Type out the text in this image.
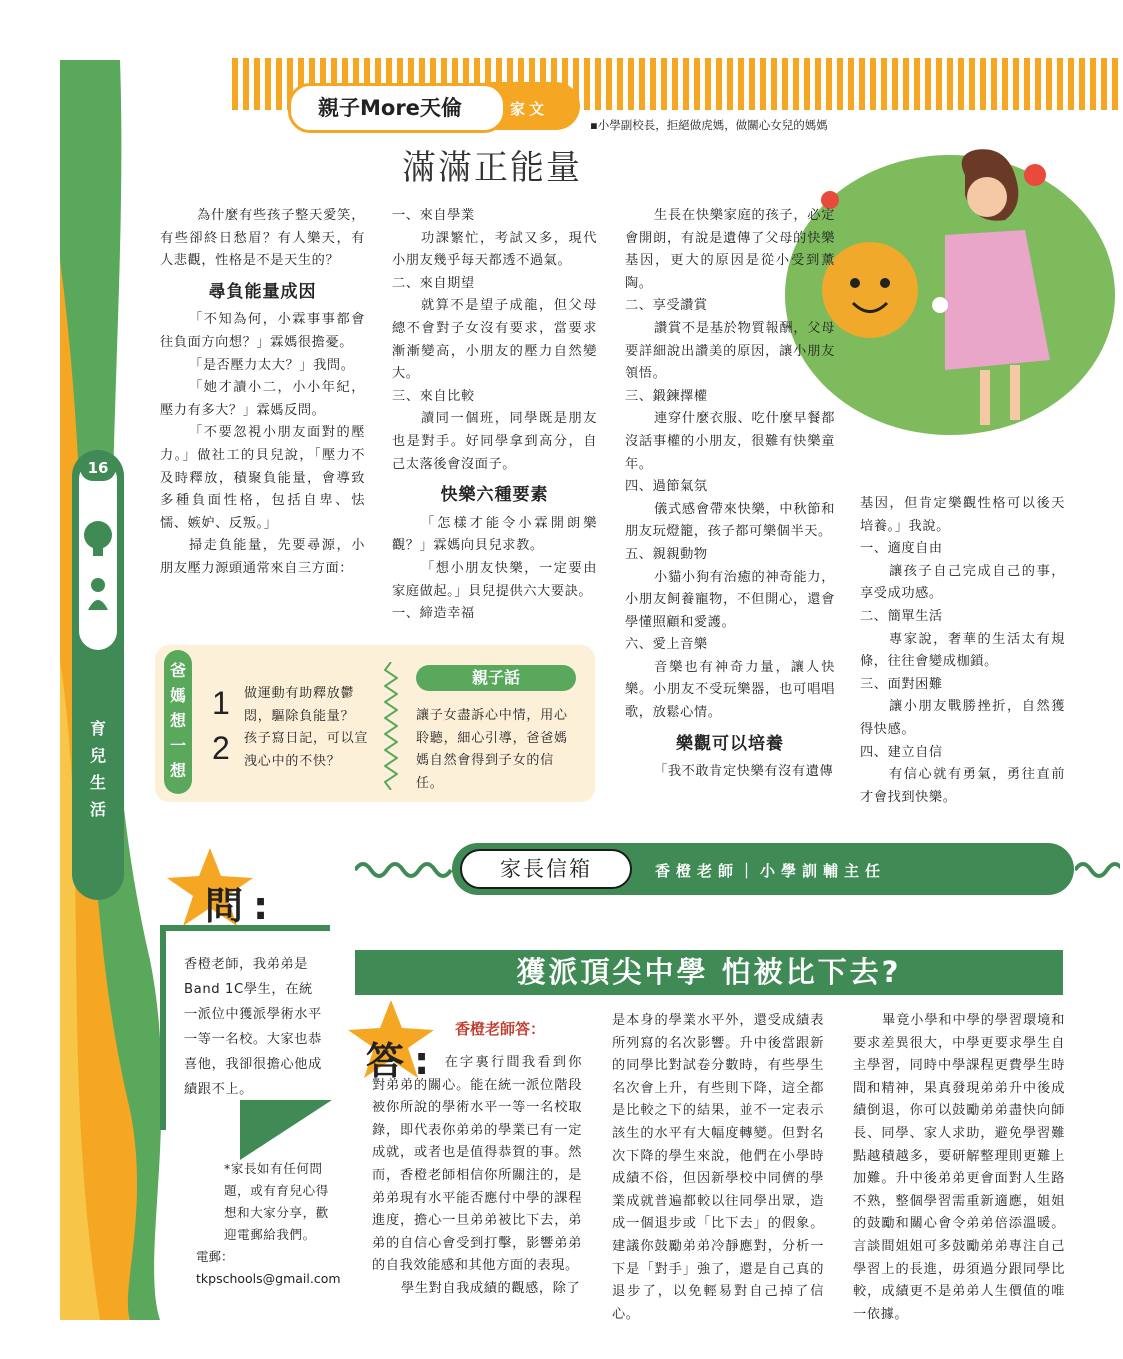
親子More天倫	家文
▪小學副校長，拒絕做虎媽，做關心女兒的媽媽
滿滿正能量
16
育
兒
生
活

為什麼有些孩子整天愛笑，有些卻終日愁眉？有人樂天，有人悲觀，性格是不是天生的？

尋負能量成因

「不知為何，小霖事事都會往負面方向想？」霖媽很擔憂。

「是否壓力太大？」我問。

「她才讀小二，小小年紀，壓力有多大？」霖媽反問。

「不要忽視小朋友面對的壓力。」做社工的貝兒說，「壓力不及時釋放，積聚負能量，會導致多種負面性格，包括自卑、怯懦、嫉妒、反叛。」

掃走負能量，先要尋源，小朋友壓力源頭通常來自三方面：

一、來自學業

功課繁忙，考試又多，現代小朋友幾乎每天都透不過氣。

二、來自期望

就算不是望子成龍，但父母總不會對子女沒有要求，當要求漸漸變高，小朋友的壓力自然變大。

三、來自比較

讀同一個班，同學既是朋友也是對手。好同學拿到高分，自己太落後會沒面子。

快樂六種要素

「怎樣才能令小霖開朗樂觀？」霖媽向貝兒求教。

「想小朋友快樂，一定要由家庭做起。」貝兒提供六大要訣。

一、締造幸福

生長在快樂家庭的孩子，必定會開朗，有說是遺傳了父母的快樂基因，更大的原因是從小受到薰陶。

二、享受讚賞

讚賞不是基於物質報酬，父母要詳細說出讚美的原因，讓小朋友領悟。

三、鍛鍊擇權

連穿什麼衣服、吃什麼早餐都沒話事權的小朋友，很難有快樂童年。

四、過節氣氛

儀式感會帶來快樂，中秋節和朋友玩燈籠，孩子都可樂個半天。

五、親親動物

小貓小狗有治癒的神奇能力，小朋友飼養寵物，不但開心，還會學懂照顧和愛護。

六、愛上音樂

音樂也有神奇力量，讓人快樂。小朋友不受玩樂器，也可唱唱歌，放鬆心情。

樂觀可以培養

「我不敢肯定快樂有沒有遺傳

基因，但肯定樂觀性格可以後天培養。」我說。

一、適度自由

讓孩子自己完成自己的事，享受成功感。

二、簡單生活

專家說，奢華的生活太有規條，往往會變成枷鎖。

三、面對困難

讓小朋友戰勝挫折，自然獲得快感。

四、建立自信

有信心就有勇氣，勇往直前才會找到快樂。

爸
媽
想
一
想
1
2
做運動有助釋放鬱悶，驅除負能量？
孩子寫日記，可以宣洩心中的不快？
親子話
讓子女盡訴心中情，用心聆聽，細心引導，爸爸媽媽自然會得到子女的信任。
家長信箱	香橙老師｜小學訓輔主任
問 :
香橙老師，我弟弟是Band 1C學生，在統一派位中獲派學術水平一等一名校。大家也恭喜他，我卻很擔心他成績跟不上。
獲派頂尖中學 怕被比下去?
答 :
香橙老師答：

在字裏行間我看到你對弟弟的關心。能在統一派位階段被你所說的學術水平一等一名校取錄，即代表你弟弟的學業已有一定成就，或者也是值得恭賀的事。然而，香橙老師相信你所關注的，是弟弟現有水平能否應付中學的課程進度，擔心一旦弟弟被比下去，弟弟的自信心會受到打擊，影響弟弟的自我效能感和其他方面的表現。

學生對自我成績的觀感，除了

是本身的學業水平外，還受成績表所列寫的名次影響。升中後當跟新的同學比對試卷分數時，有些學生名次會上升，有些則下降，這全都是比較之下的結果，並不一定表示該生的水平有大幅度轉變。但對名次下降的學生來說，他們在小學時成績不俗，但因新學校中同儕的學業成就普遍都較以往同學出眾，造成一個退步或「比下去」的假象。建議你鼓勵弟弟冷靜應對，分析一下是「對手」強了，還是自己真的退步了，以免輕易對自己掉了信心。

畢竟小學和中學的學習環境和要求差異很大，中學更要求學生自主學習，同時中學課程更費學生時間和精神，果真發現弟弟升中後成績倒退，你可以鼓勵弟弟盡快向師長、同學、家人求助，避免學習難點越積越多，要研解整理則更難上加難。升中後弟弟更會面對人生路不熟，整個學習需重新適應，姐姐的鼓勵和關心會令弟弟倍添溫暖。言談間姐姐可多鼓勵弟弟專注自己學習上的長進，毋須過分跟同學比較，成績更不是弟弟人生價值的唯一依據。

*家長如有任何問題，或有育兒心得想和大家分享，歡迎電郵給我們。
電郵：
tkpschools@gmail.com
